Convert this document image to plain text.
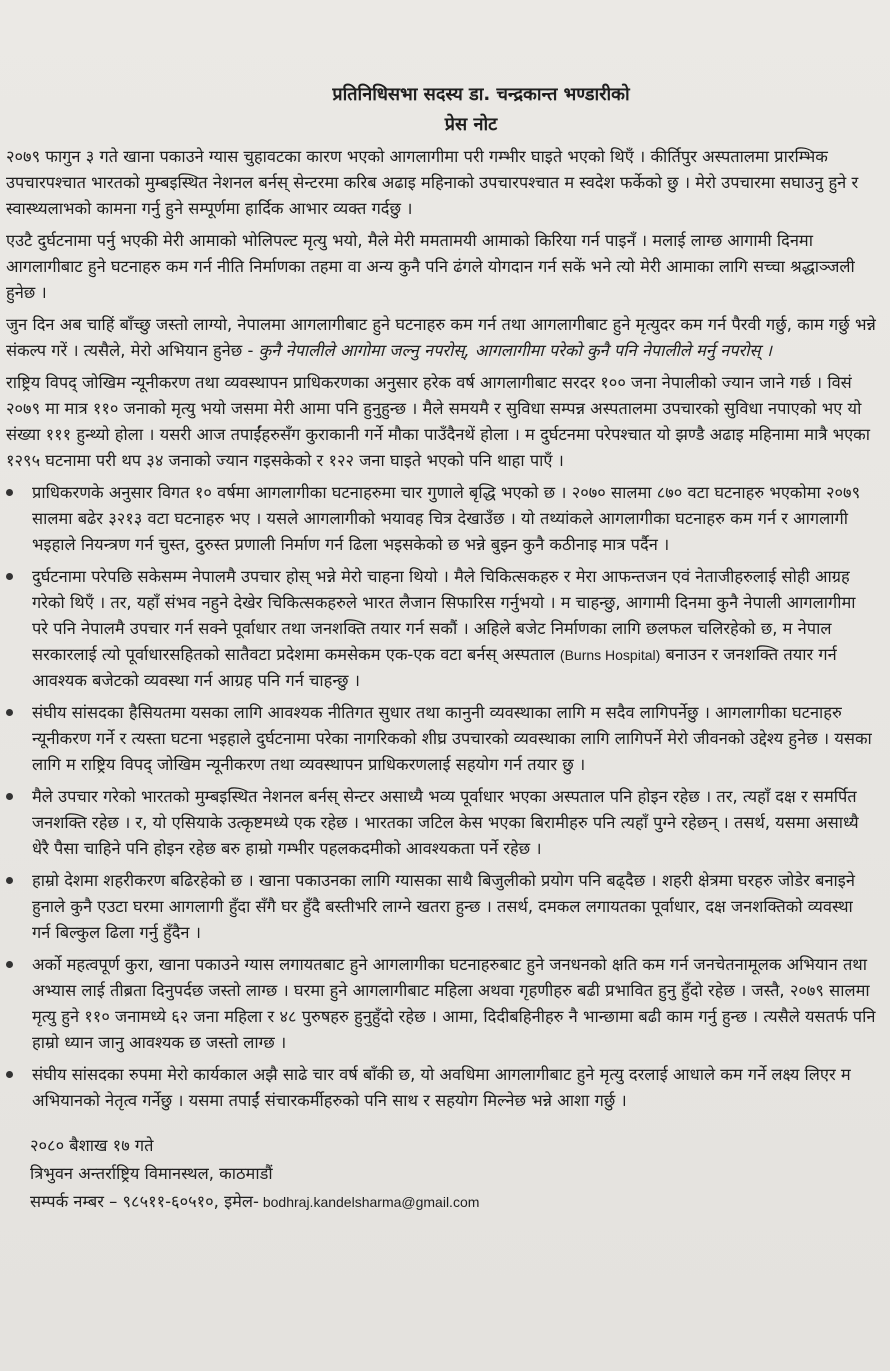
प्रतिनिधिसभा सदस्य डा. चन्द्रकान्त भण्डारीको
प्रेस नोट

२०७९ फागुन ३ गते खाना पकाउने ग्यास चुहावटका कारण भएको आगलागीमा परी गम्भीर घाइते भएको थिएँ । कीर्तिपुर अस्पतालमा प्रारम्भिक उपचारपश्चात भारतको मुम्बइस्थित नेशनल बर्नस् सेन्टरमा करिब अढाइ महिनाको उपचारपश्चात म स्वदेश फर्केको छु । मेरो उपचारमा सघाउनु हुने र स्वास्थ्यलाभको कामना गर्नु हुने सम्पूर्णमा हार्दिक आभार व्यक्त गर्दछु ।

एउटै दुर्घटनामा पर्नु भएकी मेरी आमाको भोलिपल्ट मृत्यु भयो, मैले मेरी ममतामयी आमाको किरिया गर्न पाइनँ । मलाई लाग्छ आगामी दिनमा आगलागीबाट हुने घटनाहरु कम गर्न नीति निर्माणका तहमा वा अन्य कुनै पनि ढंगले योगदान गर्न सकें भने त्यो मेरी आमाका लागि सच्चा श्रद्धाञ्जली हुनेछ ।

जुन दिन अब चाहिं बाँच्छु जस्तो लाग्यो, नेपालमा आगलागीबाट हुने घटनाहरु कम गर्न तथा आगलागीबाट हुने मृत्युदर कम गर्न पैरवी गर्छु, काम गर्छु भन्ने संकल्प गरें । त्यसैले, मेरो अभियान हुनेछ - कुनै नेपालीले आगोमा जल्नु नपरोस्, आगलागीमा परेको कुनै पनि नेपालीले मर्नु नपरोस् ।

राष्ट्रिय विपद् जोखिम न्यूनीकरण तथा व्यवस्थापन प्राधिकरणका अनुसार हरेक वर्ष आगलागीबाट सरदर १०० जना नेपालीको ज्यान जाने गर्छ । विसं २०७९ मा मात्र ११० जनाको मृत्यु भयो जसमा मेरी आमा पनि हुनुहुन्छ । मैले समयमै र सुविधा सम्पन्न अस्पतालमा उपचारको सुविधा नपाएको भए यो संख्या १११ हुन्थ्यो होला । यसरी आज तपाईंहरुसँग कुराकानी गर्ने मौका पाउँदैनथें होला । म दुर्घटनमा परेपश्चात यो झण्डै अढाइ महिनामा मात्रै भएका १२९५ घटनामा परी थप ३४ जनाको ज्यान गइसकेको र १२२ जना घाइते भएको पनि थाहा पाएँ ।

प्राधिकरणके अनुसार विगत १० वर्षमा आगलागीका घटनाहरुमा चार गुणाले बृद्धि भएको छ । २०७० सालमा ८७० वटा घटनाहरु भएकोमा २०७९ सालमा बढेर ३२१३ वटा घटनाहरु भए । यसले आगलागीको भयावह चित्र देखाउँछ । यो तथ्यांकले आगलागीका घटनाहरु कम गर्न र आगलागी भइहाले नियन्त्रण गर्न चुस्त, दुरुस्त प्रणाली निर्माण गर्न ढिला भइसकेको छ भन्ने बुझ्न कुनै कठीनाइ मात्र पर्दैन ।
दुर्घटनामा परेपछि सकेसम्म नेपालमै उपचार होस् भन्ने मेरो चाहना थियो । मैले चिकित्सकहरु र मेरा आफन्तजन एवं नेताजीहरुलाई सोही आग्रह गरेको थिएँ । तर, यहाँ संभव नहुने देखेर चिकित्सकहरुले भारत लैजान सिफारिस गर्नुभयो । म चाहन्छु, आगामी दिनमा कुनै नेपाली आगलागीमा परे पनि नेपालमै उपचार गर्न सक्ने पूर्वाधार तथा जनशक्ति तयार गर्न सकौं । अहिले बजेट निर्माणका लागि छलफल चलिरहेको छ, म नेपाल सरकारलाई त्यो पूर्वाधारसहितको सातैवटा प्रदेशमा कमसेकम एक-एक वटा बर्नस् अस्पताल (Burns Hospital) बनाउन र जनशक्ति तयार गर्न आवश्यक बजेटको व्यवस्था गर्न आग्रह पनि गर्न चाहन्छु ।
संघीय सांसदका हैसियतमा यसका लागि आवश्यक नीतिगत सुधार तथा कानुनी व्यवस्थाका लागि म सदैव लागिपर्नेछु । आगलागीका घटनाहरु न्यूनीकरण गर्ने र त्यस्ता घटना भइहाले दुर्घटनामा परेका नागरिकको शीघ्र उपचारको व्यवस्थाका लागि लागिपर्ने मेरो जीवनको उद्देश्य हुनेछ । यसका लागि म राष्ट्रिय विपद् जोखिम न्यूनीकरण तथा व्यवस्थापन प्राधिकरणलाई सहयोग गर्न तयार छु ।
मैले उपचार गरेको भारतको मुम्बइस्थित नेशनल बर्नस् सेन्टर असाध्यै भव्य पूर्वाधार भएका अस्पताल पनि होइन रहेछ । तर, त्यहाँ दक्ष र समर्पित जनशक्ति रहेछ । र, यो एसियाके उत्कृष्टमध्ये एक रहेछ । भारतका जटिल केस भएका बिरामीहरु पनि त्यहाँ पुग्ने रहेछन् । तसर्थ, यसमा असाध्यै धेरै पैसा चाहिने पनि होइन रहेछ बरु हाम्रो गम्भीर पहलकदमीको आवश्यकता पर्ने रहेछ ।
हाम्रो देशमा शहरीकरण बढिरहेको छ । खाना पकाउनका लागि ग्यासका साथै बिजुलीको प्रयोग पनि बढ्दैछ । शहरी क्षेत्रमा घरहरु जोडेर बनाइने हुनाले कुनै एउटा घरमा आगलागी हुँदा सँगै घर हुँदै बस्तीभरि लाग्ने खतरा हुन्छ । तसर्थ, दमकल लगायतका पूर्वाधार, दक्ष जनशक्तिको व्यवस्था गर्न बिल्कुल ढिला गर्नु हुँदैन ।
अर्को महत्वपूर्ण कुरा, खाना पकाउने ग्यास लगायतबाट हुने आगलागीका घटनाहरुबाट हुने जनधनको क्षति कम गर्न जनचेतनामूलक अभियान तथा अभ्यास लाई तीब्रता दिनुपर्दछ जस्तो लाग्छ । घरमा हुने आगलागीबाट महिला अथवा गृहणीहरु बढी प्रभावित हुनु हुँदो रहेछ । जस्तै, २०७९ सालमा मृत्यु हुने ११० जनामध्ये ६२ जना महिला र ४८ पुरुषहरु हुनुहुँदो रहेछ । आमा, दिदीबहिनीहरु नै भान्छामा बढी काम गर्नु हुन्छ । त्यसैले यसतर्फ पनि हाम्रो ध्यान जानु आवश्यक छ जस्तो लाग्छ ।
संघीय सांसदका रुपमा मेरो कार्यकाल अझै साढे चार वर्ष बाँकी छ, यो अवधिमा आगलागीबाट हुने मृत्यु दरलाई आधाले कम गर्ने लक्ष्य लिएर म अभियानको नेतृत्व गर्नेछु । यसमा तपाईं संचारकर्मीहरुको पनि साथ र सहयोग मिल्नेछ भन्ने आशा गर्छु ।
२०८० बैशाख १७ गते
त्रिभुवन अन्तर्राष्ट्रिय विमानस्थल, काठमाडौं
सम्पर्क नम्बर – ९८५११-६०५१०, इमेल- bodhraj.kandelsharma@gmail.com
